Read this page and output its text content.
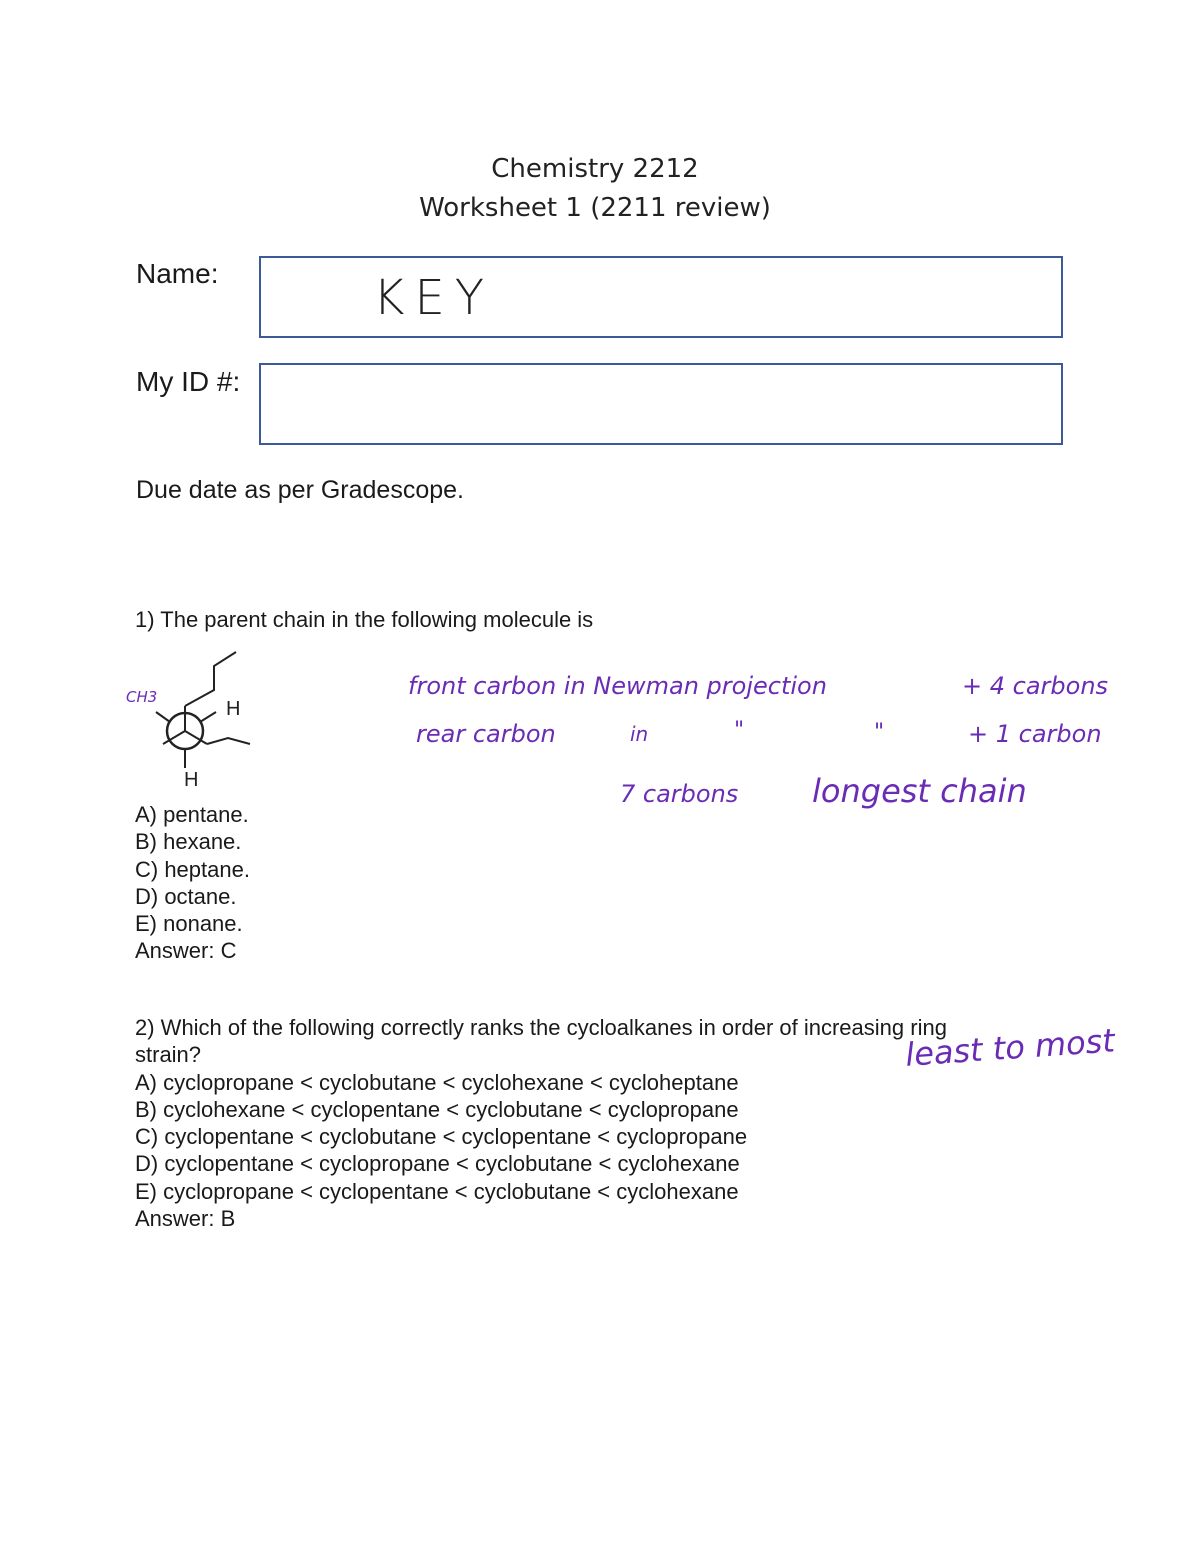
Chemistry 2212
Worksheet 1 (2211 review)
Name:	KEY
My ID #:
Due date as per Gradescope.
1) The parent chain in the following molecule is
CH3
H
H
A) pentane.
B) hexane.
C) heptane.
D) octane.
E) nonane.
Answer: C
front carbon in Newman projection	+ 4 carbons
rear carbon	in	"	"	+ 1 carbon
7 carbons longest chain
2) Which of the following correctly ranks the cycloalkanes in order of increasing ring
strain?
A) cyclopropane < cyclobutane < cyclohexane < cycloheptane
B) cyclohexane < cyclopentane < cyclobutane < cyclopropane
C) cyclopentane < cyclobutane < cyclopentane < cyclopropane
D) cyclopentane < cyclopropane < cyclobutane < cyclohexane
E) cyclopropane < cyclopentane < cyclobutane < cyclohexane
Answer: B
least to most
